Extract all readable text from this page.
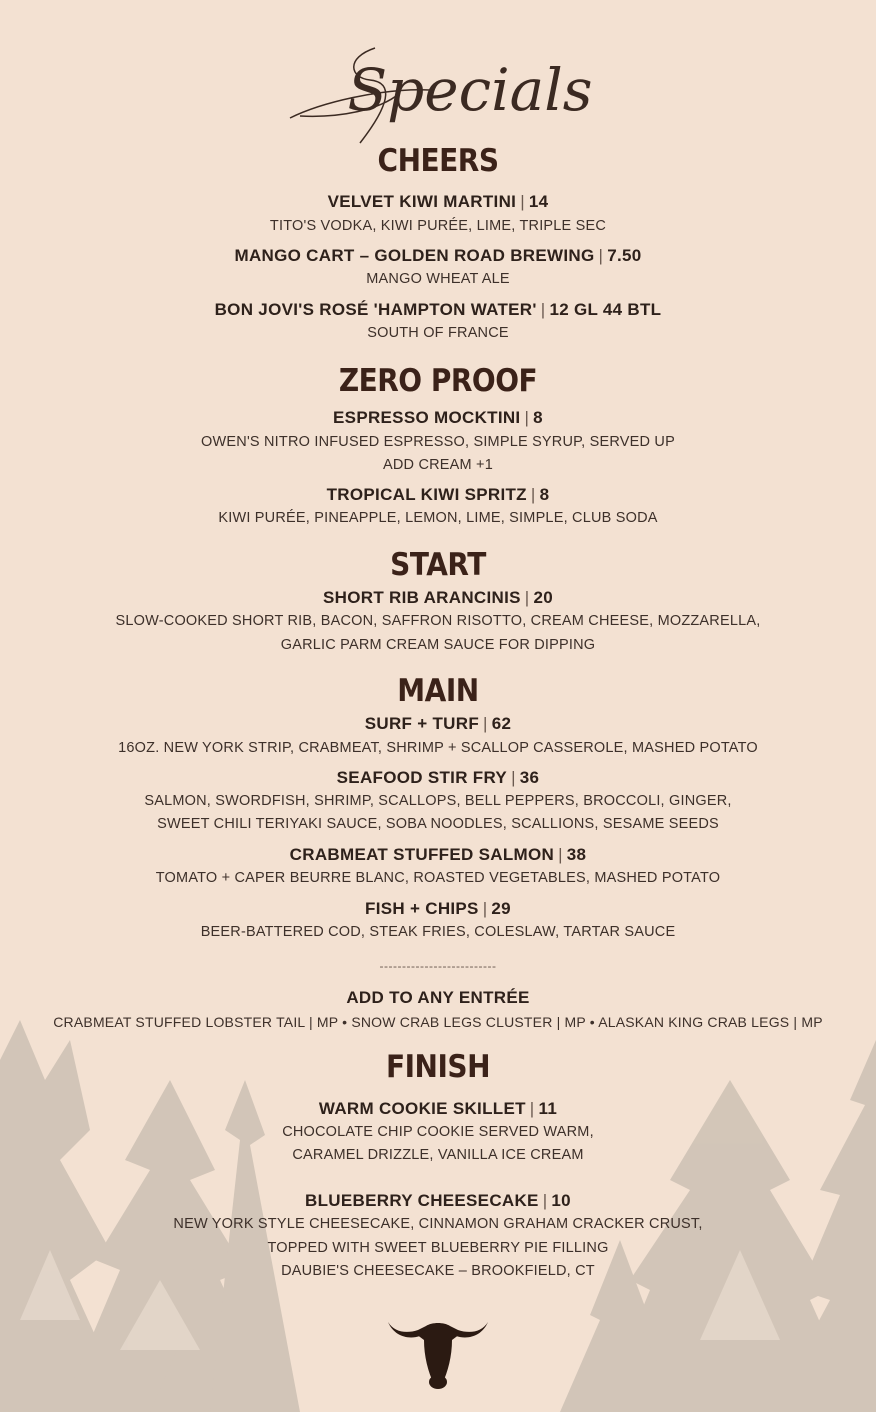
Specials
CHEERS
VELVET KIWI MARTINI | 14
TITO'S VODKA, KIWI PURÉE, LIME, TRIPLE SEC
MANGO CART – GOLDEN ROAD BREWING | 7.50
MANGO WHEAT ALE
BON JOVI'S ROSÉ 'HAMPTON WATER' | 12 GL 44 BTL
SOUTH OF FRANCE
ZERO PROOF
ESPRESSO MOCKTINI | 8
OWEN'S NITRO INFUSED ESPRESSO, SIMPLE SYRUP, SERVED UP
ADD CREAM +1
TROPICAL KIWI SPRITZ | 8
KIWI PURÉE, PINEAPPLE, LEMON, LIME, SIMPLE, CLUB SODA
START
SHORT RIB ARANCINIS | 20
SLOW-COOKED SHORT RIB, BACON, SAFFRON RISOTTO, CREAM CHEESE, MOZZARELLA,
GARLIC PARM CREAM SAUCE FOR DIPPING
MAIN
SURF + TURF | 62
16OZ. NEW YORK STRIP, CRABMEAT, SHRIMP + SCALLOP CASSEROLE, MASHED POTATO
SEAFOOD STIR FRY | 36
SALMON, SWORDFISH, SHRIMP, SCALLOPS, BELL PEPPERS, BROCCOLI, GINGER,
SWEET CHILI TERIYAKI SAUCE, SOBA NOODLES, SCALLIONS, SESAME SEEDS
CRABMEAT STUFFED SALMON | 38
TOMATO + CAPER BEURRE BLANC, ROASTED VEGETABLES, MASHED POTATO
FISH + CHIPS | 29
BEER-BATTERED COD, STEAK FRIES, COLESLAW, TARTAR SAUCE
--------------------------
ADD TO ANY ENTRÉE
CRABMEAT STUFFED LOBSTER TAIL | MP • SNOW CRAB LEGS CLUSTER | MP • ALASKAN KING CRAB LEGS | MP
FINISH
WARM COOKIE SKILLET | 11
CHOCOLATE CHIP COOKIE SERVED WARM,
CARAMEL DRIZZLE, VANILLA ICE CREAM
BLUEBERRY CHEESECAKE | 10
NEW YORK STYLE CHEESECAKE, CINNAMON GRAHAM CRACKER CRUST,
TOPPED WITH SWEET BLUEBERRY PIE FILLING
DAUBIE'S CHEESECAKE – BROOKFIELD, CT
